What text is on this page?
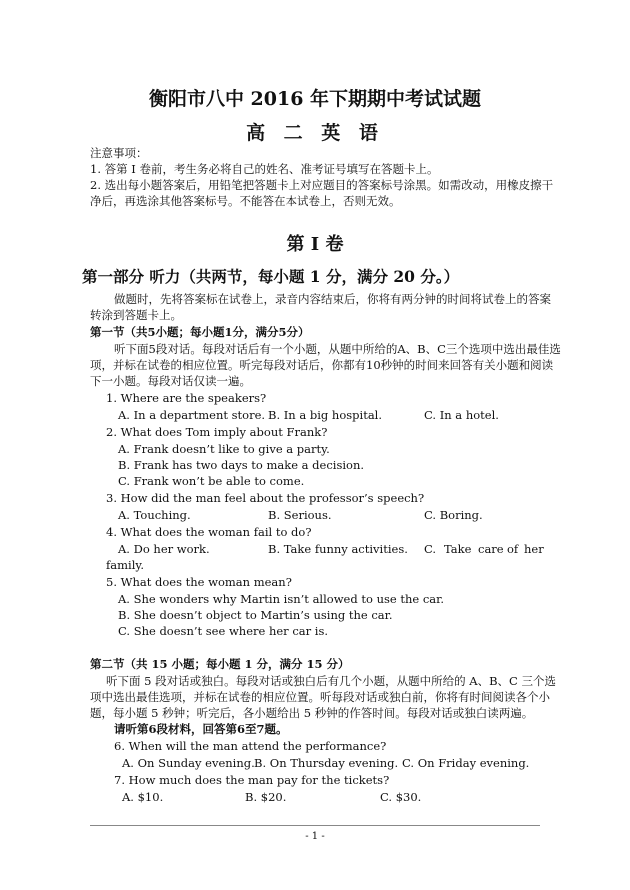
衡阳市八中 2016 年下期期中考试试题
高 二 英 语
注意事项：
1. 答第 I 卷前，考生务必将自己的姓名、准考证号填写在答题卡上。
2. 选出每小题答案后，用铅笔把答题卡上对应题目的答案标号涂黑。如需改动，用橡皮擦干
净后，再选涂其他答案标号。不能答在本试卷上，否则无效。
第 I 卷
第一部分 听力（共两节，每小题 1 分，满分 20 分。）
做题时，先将答案标在试卷上，录音内容结束后，你将有两分钟的时间将试卷上的答案
转涂到答题卡上。
第一节（共5小题；每小题1分，满分5分）
听下面5段对话。每段对话后有一个小题，从题中所给的A、B、C三个选项中选出最佳选
项，并标在试卷的相应位置。听完每段对话后，你都有10秒钟的时间来回答有关小题和阅读
下一小题。每段对话仅读一遍。
1. Where are the speakers?
A. In a department store. B. In a big hospital.	C. In a hotel.
2. What does Tom imply about Frank?
A. Frank doesn’t like to give a party.
B. Frank has two days to make a decision.
C. Frank won’t be able to come.
3. How did the man feel about the professor’s speech?
A. Touching.	B. Serious.	C. Boring.
4. What does the woman fail to do?
A. Do her work.	B. Take funny activities. C. Take care of her
family.
5. What does the woman mean?
A. She wonders why Martin isn’t allowed to use the car.
B. She doesn’t object to Martin’s using the car.
C. She doesn’t see where her car is.
第二节（共 15 小题；每小题 1 分，满分 15 分）
听下面 5 段对话或独白。每段对话或独白后有几个小题，从题中所给的 A、B、C 三个选
项中选出最佳选项，并标在试卷的相应位置。听每段对话或独白前，你将有时间阅读各个小
题，每小题 5 秒钟；听完后，各小题给出 5 秒钟的作答时间。每段对话或独白读两遍。
请听第6段材料，回答第6至7题。
6. When will the man attend the performance?
A. On Sunday evening. B. On Thursday evening. C. On Friday evening.
7. How much does the man pay for the tickets?
A. $10.	B. $20.	C. $30.
- 1 -
